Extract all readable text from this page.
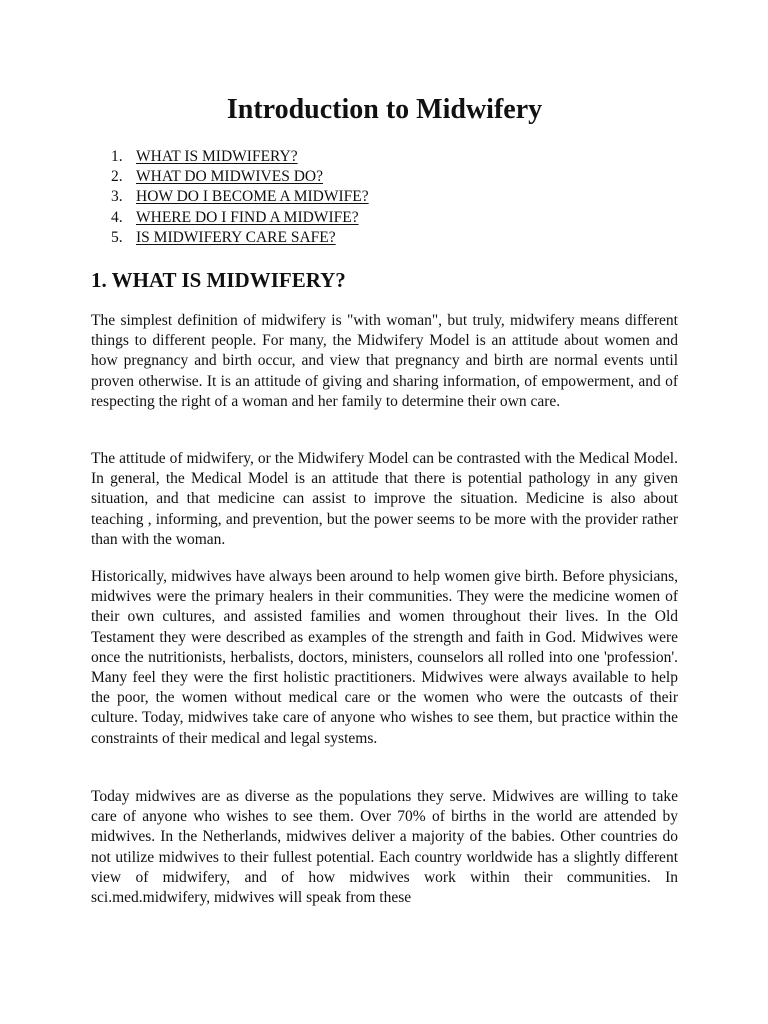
Introduction to Midwifery
1. WHAT IS MIDWIFERY?
2. WHAT DO MIDWIVES DO?
3. HOW DO I BECOME A MIDWIFE?
4. WHERE DO I FIND A MIDWIFE?
5. IS MIDWIFERY CARE SAFE?
1. WHAT IS MIDWIFERY?

The simplest definition of midwifery is "with woman", but truly, midwifery means different things to different people. For many, the Midwifery Model is an attitude about women and how pregnancy and birth occur, and view that pregnancy and birth are normal events until proven otherwise. It is an attitude of giving and sharing information, of empowerment, and of respecting the right of a woman and her family to determine their own care.

The attitude of midwifery, or the Midwifery Model can be contrasted with the Medical Model. In general, the Medical Model is an attitude that there is potential pathology in any given situation, and that medicine can assist to improve the situation. Medicine is also about teaching , informing, and prevention, but the power seems to be more with the provider rather than with the woman.

Historically, midwives have always been around to help women give birth. Before physicians, midwives were the primary healers in their communities. They were the medicine women of their own cultures, and assisted families and women throughout their lives. In the Old Testament they were described as examples of the strength and faith in God. Midwives were once the nutritionists, herbalists, doctors, ministers, counselors all rolled into one 'profession'. Many feel they were the first holistic practitioners. Midwives were always available to help the poor, the women without medical care or the women who were the outcasts of their culture. Today, midwives take care of anyone who wishes to see them, but practice within the constraints of their medical and legal systems.

Today midwives are as diverse as the populations they serve. Midwives are willing to take care of anyone who wishes to see them. Over 70% of births in the world are attended by midwives. In the Netherlands, midwives deliver a majority of the babies. Other countries do not utilize midwives to their fullest potential. Each country worldwide has a slightly different view of midwifery, and of how midwives work within their communities. In sci.med.midwifery, midwives will speak from these
